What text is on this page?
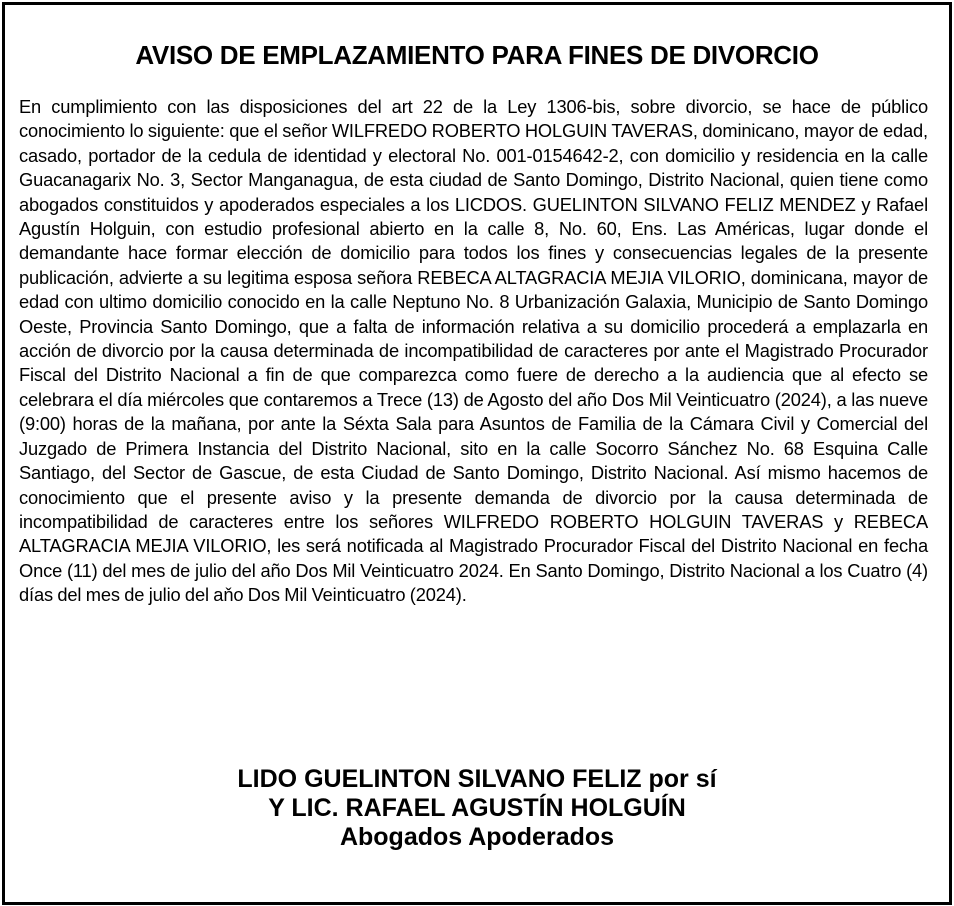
AVISO DE EMPLAZAMIENTO PARA FINES DE DIVORCIO

En cumplimiento con las disposiciones del art 22 de la Ley 1306-bis, sobre divorcio, se hace de público conocimiento lo siguiente: que el señor WILFREDO ROBERTO HOLGUIN TAVERAS, dominicano, mayor de edad, casado, portador de la cedula de identidad y electoral No. 001-0154642-2, con domicilio y residencia en la calle Guacanagarix No. 3, Sector Manganagua, de esta ciudad de Santo Domingo, Distrito Nacional, quien tiene como abogados constituidos y apoderados especiales a los LICDOS. GUELINTON SILVANO FELIZ MENDEZ y Rafael Agustín Holguin, con estudio profesional abierto en la calle 8, No. 60, Ens. Las Américas, lugar donde el demandante hace formar elección de domicilio para todos los fines y consecuencias legales de la presente publicación, advierte a su legitima esposa señora REBECA ALTAGRACIA MEJIA VILORIO, dominicana, mayor de edad con ultimo domicilio conocido en la calle Neptuno No. 8 Urbanización Galaxia, Municipio de Santo Domingo Oeste, Provincia Santo Domingo, que a falta de información relativa a su domicilio procederá a emplazarla en acción de divorcio por la causa determinada de incompatibilidad de caracteres por ante el Magistrado Procurador Fiscal del Distrito Nacional a fin de que comparezca como fuere de derecho a la audiencia que al efecto se celebrara el día miércoles que contaremos a Trece (13) de Agosto del año Dos Mil Veinticuatro (2024), a las nueve (9:00) horas de la mañana, por ante la Séxta Sala para Asuntos de Familia de la Cámara Civil y Comercial del Juzgado de Primera Instancia del Distrito Nacional, sito en la calle Socorro Sánchez No. 68 Esquina Calle Santiago, del Sector de Gascue, de esta Ciudad de Santo Domingo, Distrito Nacional. Así mismo hacemos de conocimiento que el presente aviso y la presente demanda de divorcio por la causa determinada de incompatibilidad de caracteres entre los señores WILFREDO ROBERTO HOLGUIN TAVERAS y REBECA ALTAGRACIA MEJIA VILORIO, les será notificada al Magistrado Procurador Fiscal del Distrito Nacional en fecha Once (11) del mes de julio del año Dos Mil Veinticuatro 2024. En Santo Domingo, Distrito Nacional a los Cuatro (4) días del mes de julio del aňo Dos Mil Veinticuatro (2024).

LIDO GUELINTON SILVANO FELIZ por sí
Y LIC. RAFAEL AGUSTÍN HOLGUÍN
Abogados Apoderados
